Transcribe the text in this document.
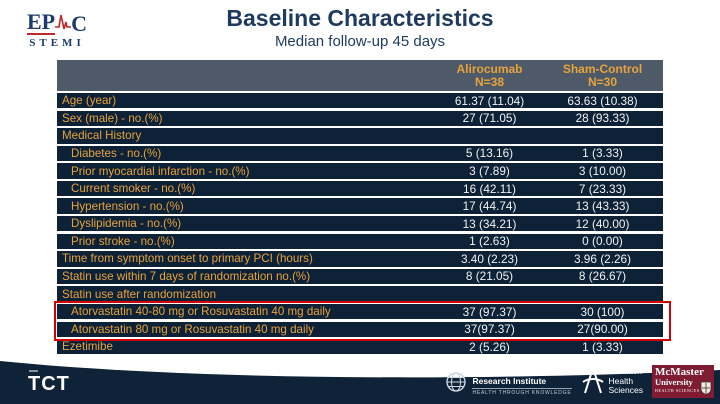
EP C
STEMI
Baseline Characteristics
Median follow-up 45 days
Alirocumab
N=38
Sham-Control
N=30
Age (year)	61.37 (11.04)	63.63 (10.38)
Sex (male) - no.(%)	27 (71.05)	28 (93.33)
Medical History
Diabetes - no.(%)	5 (13.16)	1 (3.33)
Prior myocardial infarction - no.(%)	3 (7.89)	3 (10.00)
Current smoker - no.(%)	16 (42.11)	7 (23.33)
Hypertension - no.(%)	17 (44.74)	13 (43.33)
Dyslipidemia - no.(%)	13 (34.21)	12 (40.00)
Prior stroke - no.(%)	1 (2.63)	0 (0.00)
Time from symptom onset to primary PCI (hours)	3.40 (2.23)	3.96 (2.26)
Statin use within 7 days of randomization no.(%)	8 (21.05)	8 (26.67)
Statin use after randomization
Atorvastatin 40-80 mg or Rosuvastatin 40 mg daily	37 (97.37)	30 (100)
Atorvastatin 80 mg or Rosuvastatin 40 mg daily	37(97.37)	27(90.00)
Ezetimibe	2 (5.26)	1 (3.33)
TCT
Population Health
Research Institute
HEALTH THROUGH KNOWLEDGE
Hamilton
Health
Sciences
McMaster
University
HEALTH SCIENCES
